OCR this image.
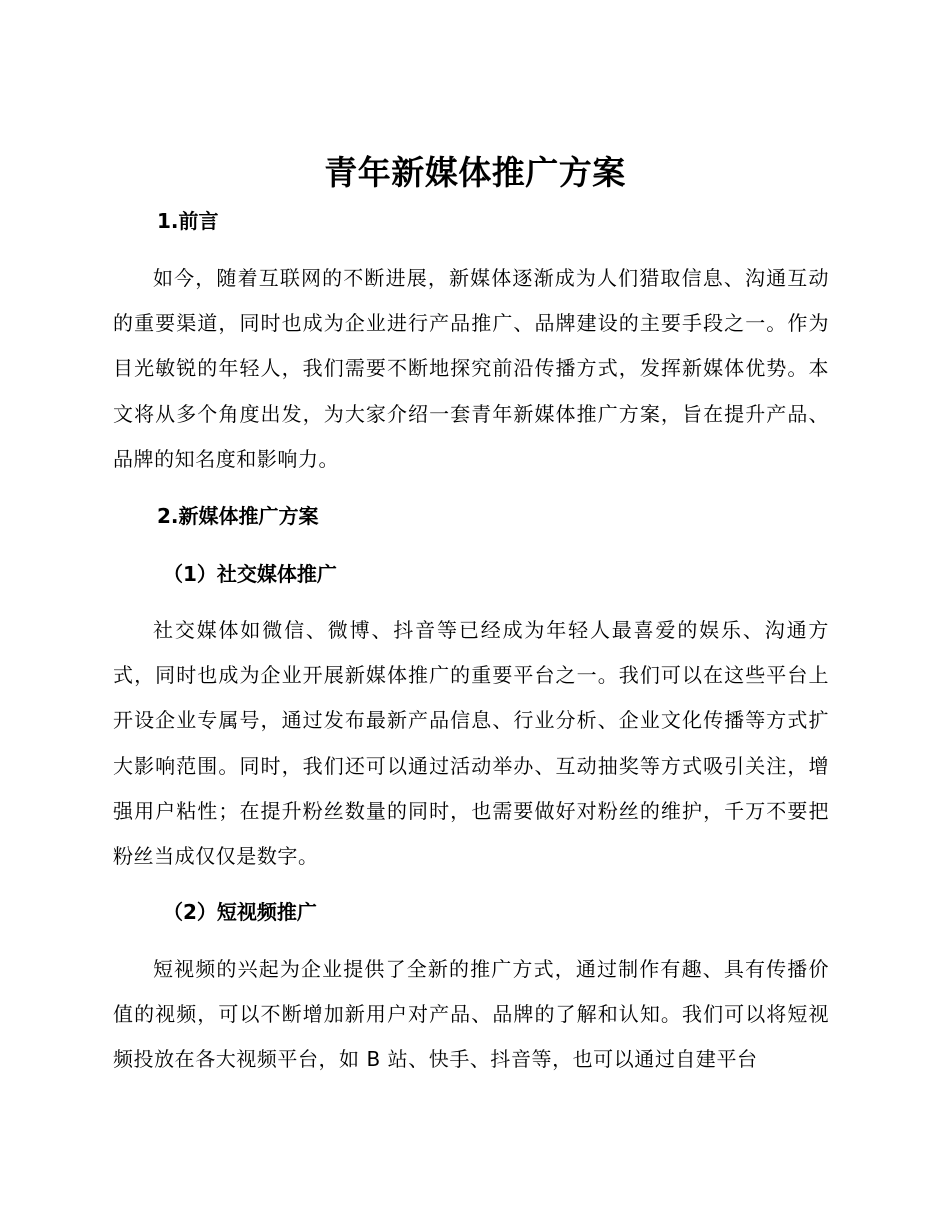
青年新媒体推广方案
1.前言

如今，随着互联网的不断进展，新媒体逐渐成为人们猎取信息、沟通互动的重要渠道，同时也成为企业进行产品推广、品牌建设的主要手段之一。作为目光敏锐的年轻人，我们需要不断地探究前沿传播方式，发挥新媒体优势。本文将从多个角度出发，为大家介绍一套青年新媒体推广方案，旨在提升产品、品牌的知名度和影响力。

2.新媒体推广方案
（1）社交媒体推广

社交媒体如微信、微博、抖音等已经成为年轻人最喜爱的娱乐、沟通方式，同时也成为企业开展新媒体推广的重要平台之一。我们可以在这些平台上开设企业专属号，通过发布最新产品信息、行业分析、企业文化传播等方式扩大影响范围。同时，我们还可以通过活动举办、互动抽奖等方式吸引关注，增强用户粘性；在提升粉丝数量的同时，也需要做好对粉丝的维护，千万不要把粉丝当成仅仅是数字。

（2）短视频推广

短视频的兴起为企业提供了全新的推广方式，通过制作有趣、具有传播价值的视频，可以不断增加新用户对产品、品牌的了解和认知。我们可以将短视频投放在各大视频平台，如 B 站、快手、抖音等，也可以通过自建平台
